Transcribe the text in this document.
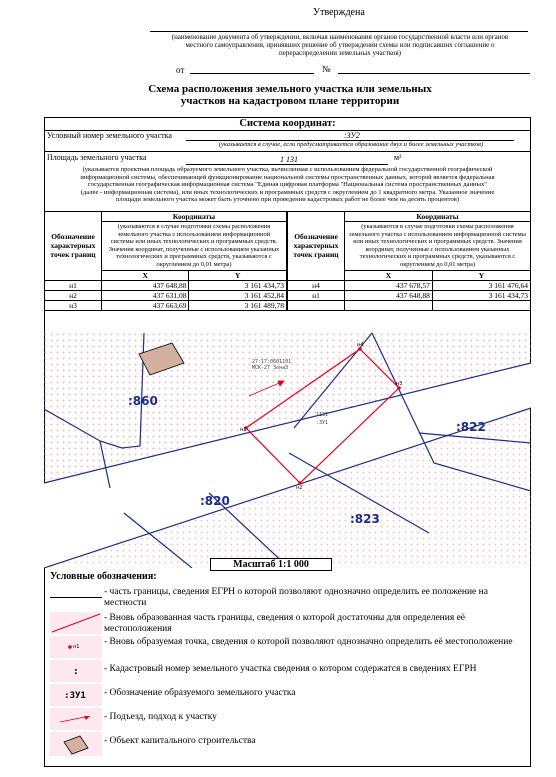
Утверждена
(наименование документа об утверждении, включая наименования органов государственной власти или органов
местного самоуправления, принявших решение об утверждении схемы или подписавших соглашение о
перераспределении земельных участков)
от	№
Схема расположения земельного участка или земельных
участков на кадастровом плане территории
Система координат:
Условный номер земельного участка	:ЗУ2
(указывается в случае, если предусматривается образование двух и более земельных участков)
Площадь земельного участка	1 131	м²
(указывается проектная площадь образуемого земельного участка, вычисленная с использованием федеральной государственной географической
информационной системы, обеспечивающей функционирование национальной системы пространственных данных, которой является федеральная
государственная географическая информационная система "Единая цифровая платформа "Национальная система пространственных данных"
(далее - информационная система), или иных технологических и программных средств с округлением до 1 квадратного метра. Указанное значение
площади земельного участка может быть уточнено при проведении кадастровых работ не более чем на десять процентов)
Обозначение характерных точек границ	Координаты	
	(указываются в случае подготовки схемы расположения земельного участка с использованием информационной системы или иных технологических и программных средств. Значения координат, полученные с использованием указанных технологических и программных средств, указываются с округлением до 0,01 метра)	
	X	Y
н1	437 648,88	3 161 434,73
н2	437 631,08	3 161 452,84
н3	437 663,69	3 161 489,78
Обозначение характерных точек границ	Координаты	
	(указываются в случае подготовки схемы расположения земельного участка с использованием информационной системы или иных технологических и программных средств. Значения координат, полученные с использованием указанных технологических и программных средств, указываются с округлением до 0,01 метра)	
	X	Y
н4	437 678,57	3 161 476,64
н1	437 648,88	3 161 434,73

н1
н2
н3
н4
:860
:822
:820
:823
27:17:0601101
МСК-27 Зона3
1131
:ЗУ1
Масштаб 1:1 000
Условные обозначения:
- часть границы, сведения ЕГРН о которой позволяют однозначно определить ее положение на местности
- Вновь образованная часть границы, сведения о которой достаточны для определения её местоположения
н1	- Вновь образуемая точка, сведения о которой позволяют однозначно определить её местоположение
:	- Кадастровый номер земельного участка сведения о котором содержатся в сведениях ЕГРН
:ЗУ1 - Обозначение образуемого земельного участка
- Подъезд, подход к участку
- Объект капитального строительства
